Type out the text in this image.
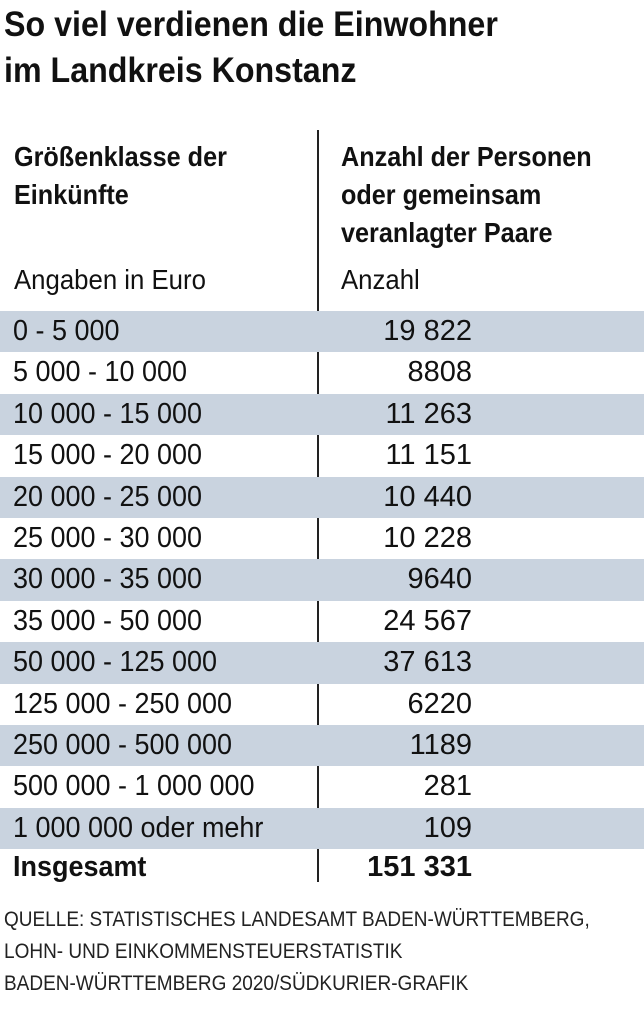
So viel verdienen die Einwohner
im Landkreis Konstanz
Größenklasse der
Einkünfte
Anzahl der Personen
oder gemeinsam
veranlagter Paare
Angaben in Euro	Anzahl
0 - 5 000	19 822
5 000 - 10 000	8808
10 000 - 15 000	11 263
15 000 - 20 000	11 151
20 000 - 25 000	10 440
25 000 - 30 000	10 228
30 000 - 35 000	9640
35 000 - 50 000	24 567
50 000 - 125 000	37 613
125 000 - 250 000	6220
250 000 - 500 000	1189
500 000 - 1 000 000	281
1 000 000 oder mehr	109
Insgesamt	151 331
QUELLE: STATISTISCHES LANDESAMT BADEN-WÜRTTEMBERG,
LOHN- UND EINKOMMENSTEUERSTATISTIK
BADEN-WÜRTTEMBERG 2020/SÜDKURIER-GRAFIK
